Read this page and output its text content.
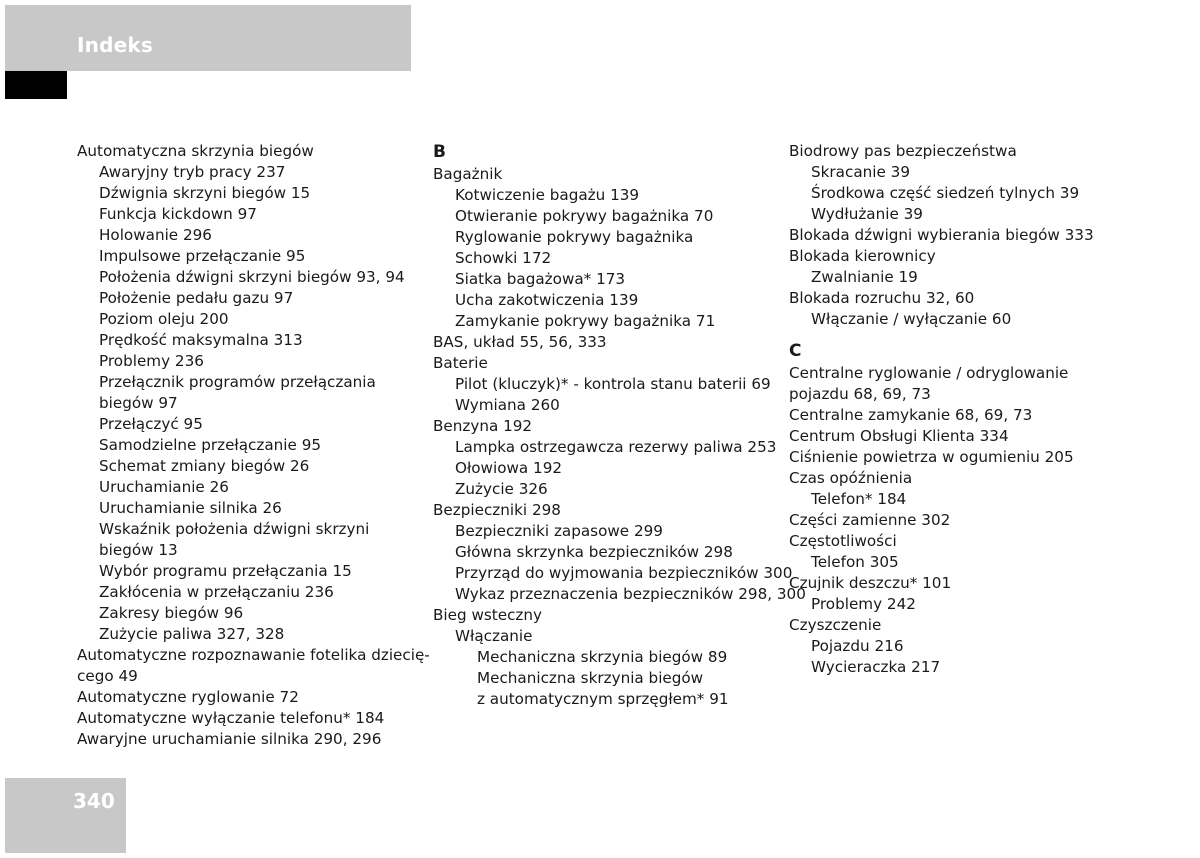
Indeks
Automatyczna skrzynia biegów
Awaryjny tryb pracy 237
Dźwignia skrzyni biegów 15
Funkcja kickdown 97
Holowanie 296
Impulsowe przełączanie 95
Położenia dźwigni skrzyni biegów 93, 94
Położenie pedału gazu 97
Poziom oleju 200
Prędkość maksymalna 313
Problemy 236
Przełącznik programów przełączania
biegów 97
Przełączyć 95
Samodzielne przełączanie 95
Schemat zmiany biegów 26
Uruchamianie 26
Uruchamianie silnika 26
Wskaźnik położenia dźwigni skrzyni
biegów 13
Wybór programu przełączania 15
Zakłócenia w przełączaniu 236
Zakresy biegów 96
Zużycie paliwa 327, 328
Automatyczne rozpoznawanie fotelika dziecię-
cego 49
Automatyczne ryglowanie 72
Automatyczne wyłączanie telefonu* 184
Awaryjne uruchamianie silnika 290, 296
B
Bagażnik
Kotwiczenie bagażu 139
Otwieranie pokrywy bagażnika 70
Ryglowanie pokrywy bagażnika
Schowki 172
Siatka bagażowa* 173
Ucha zakotwiczenia 139
Zamykanie pokrywy bagażnika 71
BAS, układ 55, 56, 333
Baterie
Pilot (kluczyk)* - kontrola stanu baterii 69
Wymiana 260
Benzyna 192
Lampka ostrzegawcza rezerwy paliwa 253
Ołowiowa 192
Zużycie 326
Bezpieczniki 298
Bezpieczniki zapasowe 299
Główna skrzynka bezpieczników 298
Przyrząd do wyjmowania bezpieczników 300
Wykaz przeznaczenia bezpieczników 298, 300
Bieg wsteczny
Włączanie
Mechaniczna skrzynia biegów 89
Mechaniczna skrzynia biegów
z automatycznym sprzęgłem* 91
Biodrowy pas bezpieczeństwa
Skracanie 39
Środkowa część siedzeń tylnych 39
Wydłużanie 39
Blokada dźwigni wybierania biegów 333
Blokada kierownicy
Zwalnianie 19
Blokada rozruchu 32, 60
Włączanie / wyłączanie 60
C
Centralne ryglowanie / odryglowanie
pojazdu 68, 69, 73
Centralne zamykanie 68, 69, 73
Centrum Obsługi Klienta 334
Ciśnienie powietrza w ogumieniu 205
Czas opóźnienia
Telefon* 184
Części zamienne 302
Częstotliwości
Telefon 305
Czujnik deszczu* 101
Problemy 242
Czyszczenie
Pojazdu 216
Wycieraczka 217
340
